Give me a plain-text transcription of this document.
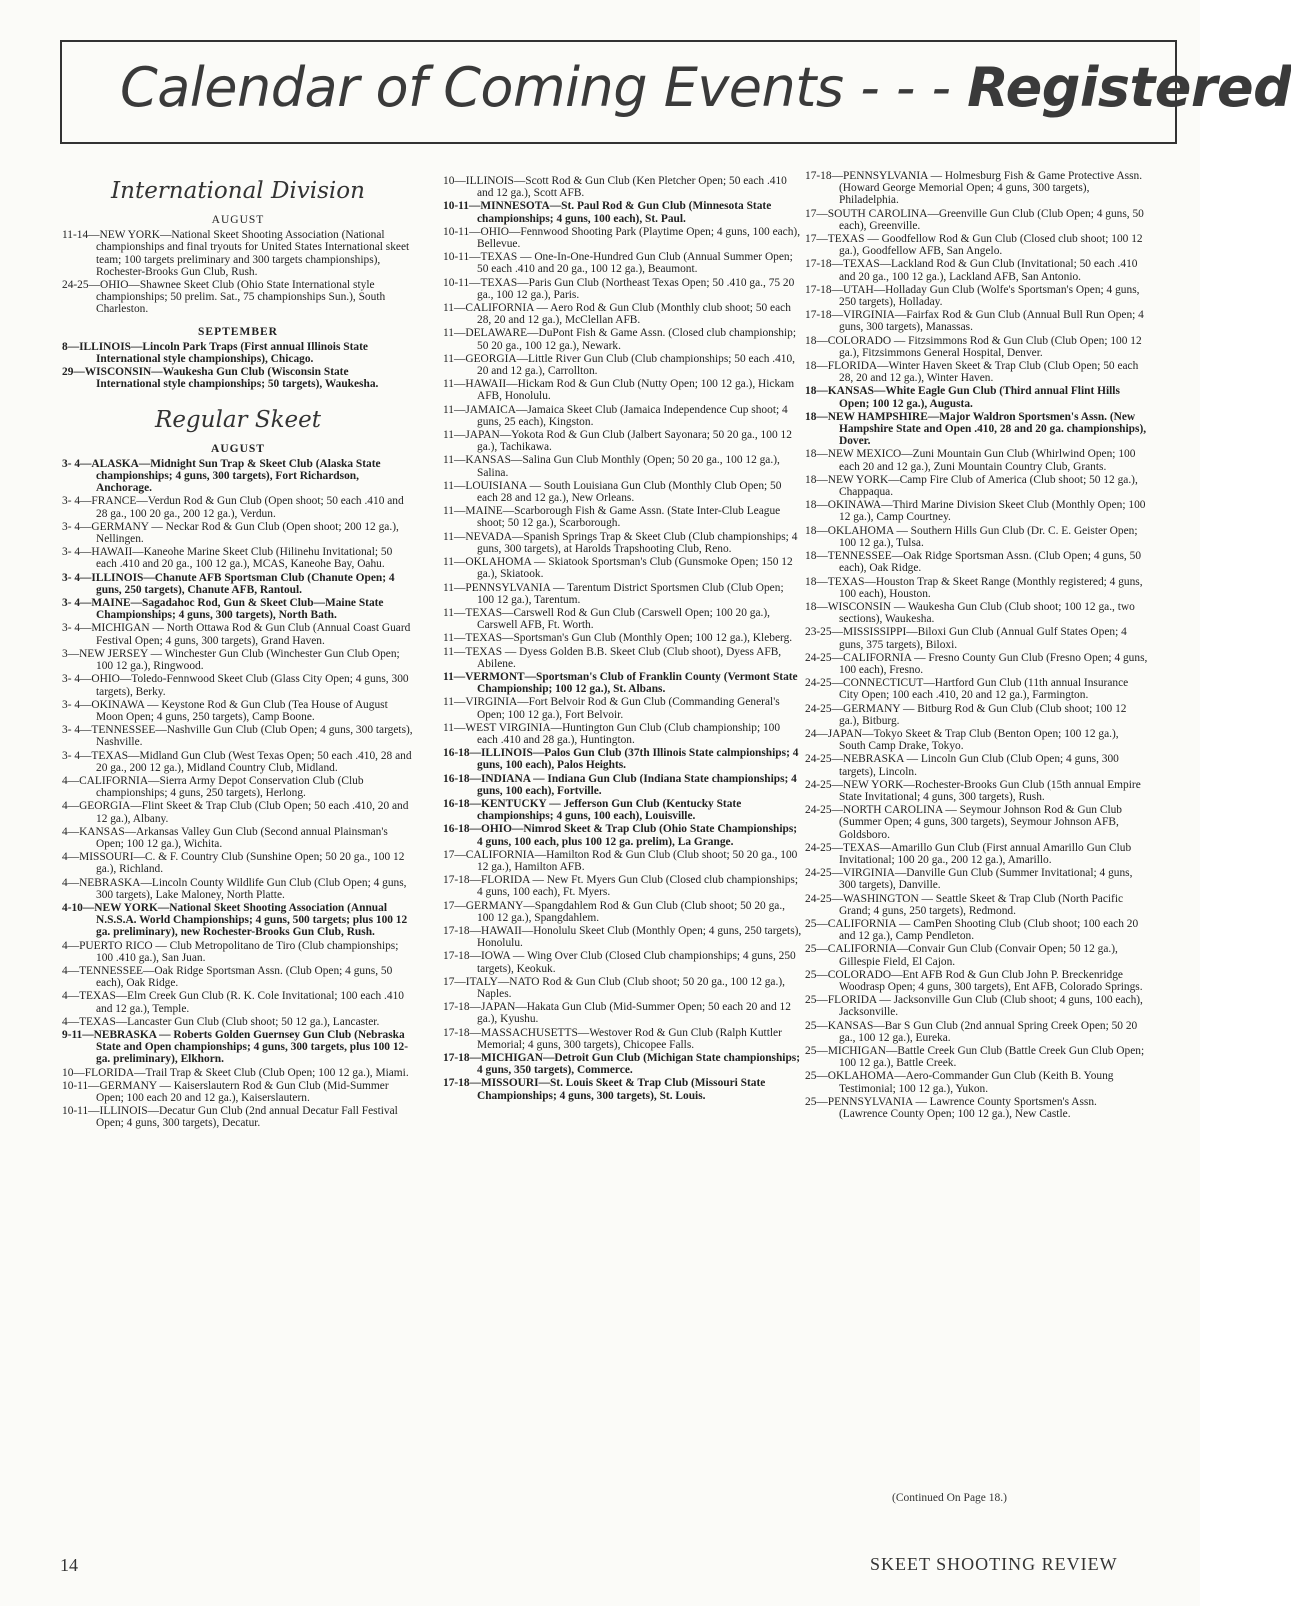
Calendar of Coming Events - - - Registered
International Division
AUGUST
11-14—NEW YORK—National Skeet Shooting Association (National championships and final tryouts for United States International skeet team; 100 targets preliminary and 300 targets championships), Rochester-Brooks Gun Club, Rush.
24-25—OHIO—Shawnee Skeet Club (Ohio State International style championships; 50 prelim. Sat., 75 championships Sun.), South Charleston.
SEPTEMBER
8—ILLINOIS—Lincoln Park Traps (First annual Illinois State International style championships), Chicago.
29—WISCONSIN—Waukesha Gun Club (Wisconsin State International style championships; 50 targets), Waukesha.
Regular Skeet
AUGUST
3- 4—ALASKA—Midnight Sun Trap & Skeet Club (Alaska State championships; 4 guns, 300 targets), Fort Richardson, Anchorage.
3- 4—FRANCE—Verdun Rod & Gun Club (Open shoot; 50 each .410 and 28 ga., 100 20 ga., 200 12 ga.), Verdun.
3- 4—GERMANY — Neckar Rod & Gun Club (Open shoot; 200 12 ga.), Nellingen.
3- 4—HAWAII—Kaneohe Marine Skeet Club (Hilinehu Invitational; 50 each .410 and 20 ga., 100 12 ga.), MCAS, Kaneohe Bay, Oahu.
3- 4—ILLINOIS—Chanute AFB Sportsman Club (Chanute Open; 4 guns, 250 targets), Chanute AFB, Rantoul.
3- 4—MAINE—Sagadahoc Rod, Gun & Skeet Club—Maine State Championships; 4 guns, 300 targets), North Bath.
3- 4—MICHIGAN — North Ottawa Rod & Gun Club (Annual Coast Guard Festival Open; 4 guns, 300 targets), Grand Haven.
3—NEW JERSEY — Winchester Gun Club (Winchester Gun Club Open; 100 12 ga.), Ringwood.
3- 4—OHIO—Toledo-Fennwood Skeet Club (Glass City Open; 4 guns, 300 targets), Berky.
3- 4—OKINAWA — Keystone Rod & Gun Club (Tea House of August Moon Open; 4 guns, 250 targets), Camp Boone.
3- 4—TENNESSEE—Nashville Gun Club (Club Open; 4 guns, 300 targets), Nashville.
3- 4—TEXAS—Midland Gun Club (West Texas Open; 50 each .410, 28 and 20 ga., 200 12 ga.), Midland Country Club, Midland.
4—CALIFORNIA—Sierra Army Depot Conservation Club (Club championships; 4 guns, 250 targets), Herlong.
4—GEORGIA—Flint Skeet & Trap Club (Club Open; 50 each .410, 20 and 12 ga.), Albany.
4—KANSAS—Arkansas Valley Gun Club (Second annual Plainsman's Open; 100 12 ga.), Wichita.
4—MISSOURI—C. & F. Country Club (Sunshine Open; 50 20 ga., 100 12 ga.), Richland.
4—NEBRASKA—Lincoln County Wildlife Gun Club (Club Open; 4 guns, 300 targets), Lake Maloney, North Platte.
4-10—NEW YORK—National Skeet Shooting Association (Annual N.S.S.A. World Championships; 4 guns, 500 targets; plus 100 12 ga. preliminary), new Rochester-Brooks Gun Club, Rush.
4—PUERTO RICO — Club Metropolitano de Tiro (Club championships; 100 .410 ga.), San Juan.
4—TENNESSEE—Oak Ridge Sportsman Assn. (Club Open; 4 guns, 50 each), Oak Ridge.
4—TEXAS—Elm Creek Gun Club (R. K. Cole Invitational; 100 each .410 and 12 ga.), Temple.
4—TEXAS—Lancaster Gun Club (Club shoot; 50 12 ga.), Lancaster.
9-11—NEBRASKA — Roberts Golden Guernsey Gun Club (Nebraska State and Open championships; 4 guns, 300 targets, plus 100 12-ga. preliminary), Elkhorn.
10—FLORIDA—Trail Trap & Skeet Club (Club Open; 100 12 ga.), Miami.
10-11—GERMANY — Kaiserslautern Rod & Gun Club (Mid-Summer Open; 100 each 20 and 12 ga.), Kaiserslautern.
10-11—ILLINOIS—Decatur Gun Club (2nd annual Decatur Fall Festival Open; 4 guns, 300 targets), Decatur.
10—ILLINOIS—Scott Rod & Gun Club (Ken Pletcher Open; 50 each .410 and 12 ga.), Scott AFB.
10-11—MINNESOTA—St. Paul Rod & Gun Club (Minnesota State championships; 4 guns, 100 each), St. Paul.
10-11—OHIO—Fennwood Shooting Park (Playtime Open; 4 guns, 100 each), Bellevue.
10-11—TEXAS — One-In-One-Hundred Gun Club (Annual Summer Open; 50 each .410 and 20 ga., 100 12 ga.), Beaumont.
10-11—TEXAS—Paris Gun Club (Northeast Texas Open; 50 .410 ga., 75 20 ga., 100 12 ga.), Paris.
11—CALIFORNIA — Aero Rod & Gun Club (Monthly club shoot; 50 each 28, 20 and 12 ga.), McClellan AFB.
11—DELAWARE—DuPont Fish & Game Assn. (Closed club championship; 50 20 ga., 100 12 ga.), Newark.
11—GEORGIA—Little River Gun Club (Club championships; 50 each .410, 20 and 12 ga.), Carrollton.
11—HAWAII—Hickam Rod & Gun Club (Nutty Open; 100 12 ga.), Hickam AFB, Honolulu.
11—JAMAICA—Jamaica Skeet Club (Jamaica Independence Cup shoot; 4 guns, 25 each), Kingston.
11—JAPAN—Yokota Rod & Gun Club (Jalbert Sayonara; 50 20 ga., 100 12 ga.), Tachikawa.
11—KANSAS—Salina Gun Club Monthly (Open; 50 20 ga., 100 12 ga.), Salina.
11—LOUISIANA — South Louisiana Gun Club (Monthly Club Open; 50 each 28 and 12 ga.), New Orleans.
11—MAINE—Scarborough Fish & Game Assn. (State Inter-Club League shoot; 50 12 ga.), Scarborough.
11—NEVADA—Spanish Springs Trap & Skeet Club (Club championships; 4 guns, 300 targets), at Harolds Trapshooting Club, Reno.
11—OKLAHOMA — Skiatook Sportsman's Club (Gunsmoke Open; 150 12 ga.), Skiatook.
11—PENNSYLVANIA — Tarentum District Sportsmen Club (Club Open; 100 12 ga.), Tarentum.
11—TEXAS—Carswell Rod & Gun Club (Carswell Open; 100 20 ga.), Carswell AFB, Ft. Worth.
11—TEXAS—Sportsman's Gun Club (Monthly Open; 100 12 ga.), Kleberg.
11—TEXAS — Dyess Golden B.B. Skeet Club (Club shoot), Dyess AFB, Abilene.
11—VERMONT—Sportsman's Club of Franklin County (Vermont State Championship; 100 12 ga.), St. Albans.
11—VIRGINIA—Fort Belvoir Rod & Gun Club (Commanding General's Open; 100 12 ga.), Fort Belvoir.
11—WEST VIRGINIA—Huntington Gun Club (Club championship; 100 each .410 and 28 ga.), Huntington.
16-18—ILLINOIS—Palos Gun Club (37th Illinois State calmpionships; 4 guns, 100 each), Palos Heights.
16-18—INDIANA — Indiana Gun Club (Indiana State championships; 4 guns, 100 each), Fortville.
16-18—KENTUCKY — Jefferson Gun Club (Kentucky State championships; 4 guns, 100 each), Louisville.
16-18—OHIO—Nimrod Skeet & Trap Club (Ohio State Championships; 4 guns, 100 each, plus 100 12 ga. prelim), La Grange.
17—CALIFORNIA—Hamilton Rod & Gun Club (Club shoot; 50 20 ga., 100 12 ga.), Hamilton AFB.
17-18—FLORIDA — New Ft. Myers Gun Club (Closed club championships; 4 guns, 100 each), Ft. Myers.
17—GERMANY—Spangdahlem Rod & Gun Club (Club shoot; 50 20 ga., 100 12 ga.), Spangdahlem.
17-18—HAWAII—Honolulu Skeet Club (Monthly Open; 4 guns, 250 targets), Honolulu.
17-18—IOWA — Wing Over Club (Closed Club championships; 4 guns, 250 targets), Keokuk.
17—ITALY—NATO Rod & Gun Club (Club shoot; 50 20 ga., 100 12 ga.), Naples.
17-18—JAPAN—Hakata Gun Club (Mid-Summer Open; 50 each 20 and 12 ga.), Kyushu.
17-18—MASSACHUSETTS—Westover Rod & Gun Club (Ralph Kuttler Memorial; 4 guns, 300 targets), Chicopee Falls.
17-18—MICHIGAN—Detroit Gun Club (Michigan State championships; 4 guns, 350 targets), Commerce.
17-18—MISSOURI—St. Louis Skeet & Trap Club (Missouri State Championships; 4 guns, 300 targets), St. Louis.
17-18—PENNSYLVANIA — Holmesburg Fish & Game Protective Assn. (Howard George Memorial Open; 4 guns, 300 targets), Philadelphia.
17—SOUTH CAROLINA—Greenville Gun Club (Club Open; 4 guns, 50 each), Greenville.
17—TEXAS — Goodfellow Rod & Gun Club (Closed club shoot; 100 12 ga.), Goodfellow AFB, San Angelo.
17-18—TEXAS—Lackland Rod & Gun Club (Invitational; 50 each .410 and 20 ga., 100 12 ga.), Lackland AFB, San Antonio.
17-18—UTAH—Holladay Gun Club (Wolfe's Sportsman's Open; 4 guns, 250 targets), Holladay.
17-18—VIRGINIA—Fairfax Rod & Gun Club (Annual Bull Run Open; 4 guns, 300 targets), Manassas.
18—COLORADO — Fitzsimmons Rod & Gun Club (Club Open; 100 12 ga.), Fitzsimmons General Hospital, Denver.
18—FLORIDA—Winter Haven Skeet & Trap Club (Club Open; 50 each 28, 20 and 12 ga.), Winter Haven.
18—KANSAS—White Eagle Gun Club (Third annual Flint Hills Open; 100 12 ga.), Augusta.
18—NEW HAMPSHIRE—Major Waldron Sportsmen's Assn. (New Hampshire State and Open .410, 28 and 20 ga. championships), Dover.
18—NEW MEXICO—Zuni Mountain Gun Club (Whirlwind Open; 100 each 20 and 12 ga.), Zuni Mountain Country Club, Grants.
18—NEW YORK—Camp Fire Club of America (Club shoot; 50 12 ga.), Chappaqua.
18—OKINAWA—Third Marine Division Skeet Club (Monthly Open; 100 12 ga.), Camp Courtney.
18—OKLAHOMA — Southern Hills Gun Club (Dr. C. E. Geister Open; 100 12 ga.), Tulsa.
18—TENNESSEE—Oak Ridge Sportsman Assn. (Club Open; 4 guns, 50 each), Oak Ridge.
18—TEXAS—Houston Trap & Skeet Range (Monthly registered; 4 guns, 100 each), Houston.
18—WISCONSIN — Waukesha Gun Club (Club shoot; 100 12 ga., two sections), Waukesha.
23-25—MISSISSIPPI—Biloxi Gun Club (Annual Gulf States Open; 4 guns, 375 targets), Biloxi.
24-25—CALIFORNIA — Fresno County Gun Club (Fresno Open; 4 guns, 100 each), Fresno.
24-25—CONNECTICUT—Hartford Gun Club (11th annual Insurance City Open; 100 each .410, 20 and 12 ga.), Farmington.
24-25—GERMANY — Bitburg Rod & Gun Club (Club shoot; 100 12 ga.), Bitburg.
24—JAPAN—Tokyo Skeet & Trap Club (Benton Open; 100 12 ga.), South Camp Drake, Tokyo.
24-25—NEBRASKA — Lincoln Gun Club (Club Open; 4 guns, 300 targets), Lincoln.
24-25—NEW YORK—Rochester-Brooks Gun Club (15th annual Empire State Invitational; 4 guns, 300 targets), Rush.
24-25—NORTH CAROLINA — Seymour Johnson Rod & Gun Club (Summer Open; 4 guns, 300 targets), Seymour Johnson AFB, Goldsboro.
24-25—TEXAS—Amarillo Gun Club (First annual Amarillo Gun Club Invitational; 100 20 ga., 200 12 ga.), Amarillo.
24-25—VIRGINIA—Danville Gun Club (Summer Invitational; 4 guns, 300 targets), Danville.
24-25—WASHINGTON — Seattle Skeet & Trap Club (North Pacific Grand; 4 guns, 250 targets), Redmond.
25—CALIFORNIA — CamPen Shooting Club (Club shoot; 100 each 20 and 12 ga.), Camp Pendleton.
25—CALIFORNIA—Convair Gun Club (Convair Open; 50 12 ga.), Gillespie Field, El Cajon.
25—COLORADO—Ent AFB Rod & Gun Club John P. Breckenridge Woodrasp Open; 4 guns, 300 targets), Ent AFB, Colorado Springs.
25—FLORIDA — Jacksonville Gun Club (Club shoot; 4 guns, 100 each), Jacksonville.
25—KANSAS—Bar S Gun Club (2nd annual Spring Creek Open; 50 20 ga., 100 12 ga.), Eureka.
25—MICHIGAN—Battle Creek Gun Club (Battle Creek Gun Club Open; 100 12 ga.), Battle Creek.
25—OKLAHOMA—Aero-Commander Gun Club (Keith B. Young Testimonial; 100 12 ga.), Yukon.
25—PENNSYLVANIA — Lawrence County Sportsmen's Assn. (Lawrence County Open; 100 12 ga.), New Castle.
(Continued On Page 18.)
14	SKEET SHOOTING REVIEW
